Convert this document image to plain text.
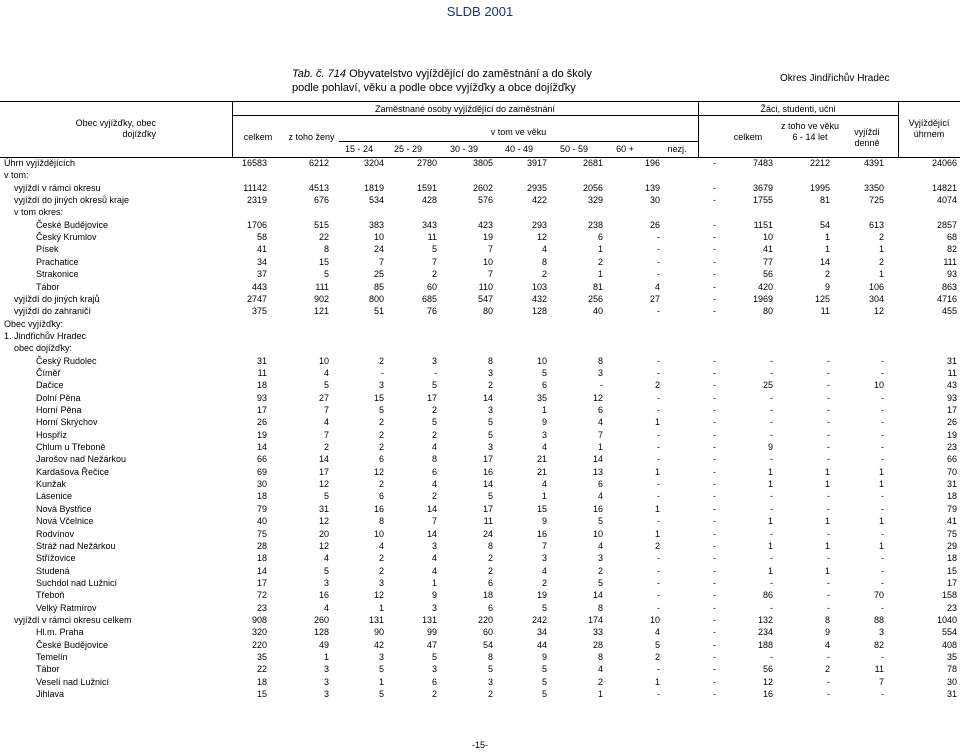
SLDB 2001
Tab. č. 714 Obyvatelstvo vyjíždějící do zaměstnání a do školy
podle pohlaví, věku a podle obce vyjížďky a obce dojížďky
Okres Jindřichův Hradec
Obec vyjížďky, obec dojížďky
Zaměstnané osoby vyjíždějící do zaměstnání	Žáci, studenti, učni
Vyjíždějící úhrnem
celkem	z toho ženy	v tom ve věku
15 - 24	25 - 29	30 - 39	40 - 49	50 - 59	60 +	nezj.
celkem
z toho ve věku 6 - 14 let	vyjíždí denně
Úhrn vyjíždějících	16583	6212	3204	2780	3805	3917	2681	196	-	7483	2212	4391	24066
v tom:
vyjíždí v rámci okresu	11142	4513	1819	1591	2602	2935	2056	139	-	3679	1995	3350	14821
vyjíždí do jiných okresů kraje	2319	676	534	428	576	422	329	30	-	1755	81	725	4074
v tom okres:
České Budějovice	1706	515	383	343	423	293	238	26	-	1151	54	613	2857
Český Krumlov	58	22	10	11	19	12	6	-	-	10	1	2	68
Písek	41	8	24	5	7	4	1	-	-	41	1	1	82
Prachatice	34	15	7	7	10	8	2	-	-	77	14	2	111
Strakonice	37	5	25	2	7	2	1	-	-	56	2	1	93
Tábor	443	111	85	60	110	103	81	4	-	420	9	106	863
vyjíždí do jiných krajů	2747	902	800	685	547	432	256	27	-	1969	125	304	4716
vyjíždí do zahraničí	375	121	51	76	80	128	40	-	-	80	11	12	455
Obec vyjížďky:
1. Jindřichův Hradec
obec dojížďky:
Český Rudolec	31	10	2	3	8	10	8	-	-	-	-	-	31
Číměř	11	4	-	-	3	5	3	-	-	-	-	-	11
Dačice	18	5	3	5	2	6	-	2	-	25	-	10	43
Dolní Pěna	93	27	15	17	14	35	12	-	-	-	-	-	93
Horní Pěna	17	7	5	2	3	1	6	-	-	-	-	-	17
Horní Skrýchov	26	4	2	5	5	9	4	1	-	-	-	-	26
Hospříz	19	7	2	2	5	3	7	-	-	-	-	-	19
Chlum u Třeboně	14	2	2	4	3	4	1	-	-	9	-	-	23
Jarošov nad Nežárkou	66	14	6	8	17	21	14	-	-	-	-	-	66
Kardašova Řečice	69	17	12	6	16	21	13	1	-	1	1	1	70
Kunžak	30	12	2	4	14	4	6	-	-	1	1	1	31
Lásenice	18	5	6	2	5	1	4	-	-	-	-	-	18
Nová Bystřice	79	31	16	14	17	15	16	1	-	-	-	-	79
Nová Včelnice	40	12	8	7	11	9	5	-	-	1	1	1	41
Rodvínov	75	20	10	14	24	16	10	1	-	-	-	-	75
Stráž nad Nežárkou	28	12	4	3	8	7	4	2	-	1	1	1	29
Střížovice	18	4	2	4	2	3	3	-	-	-	-	-	18
Studená	14	5	2	4	2	4	2	-	-	1	1	-	15
Suchdol nad Lužnicí	17	3	3	1	6	2	5	-	-	-	-	-	17
Třeboň	72	16	12	9	18	19	14	-	-	86	-	70	158
Velký Ratmírov	23	4	1	3	6	5	8	-	-	-	-	-	23
vyjíždí v rámci okresu celkem	908	260	131	131	220	242	174	10	-	132	8	88	1040
Hl.m. Praha	320	128	90	99	60	34	33	4	-	234	9	3	554
České Budějovice	220	49	42	47	54	44	28	5	-	188	4	82	408
Temelín	35	1	3	5	8	9	8	2	-	-	-	-	35
Tábor	22	3	5	3	5	5	4	-	-	56	2	11	78
Veselí nad Lužnicí	18	3	1	6	3	5	2	1	-	12	-	7	30
Jihlava	15	3	5	2	2	5	1	-	-	16	-	-	31
-15-
